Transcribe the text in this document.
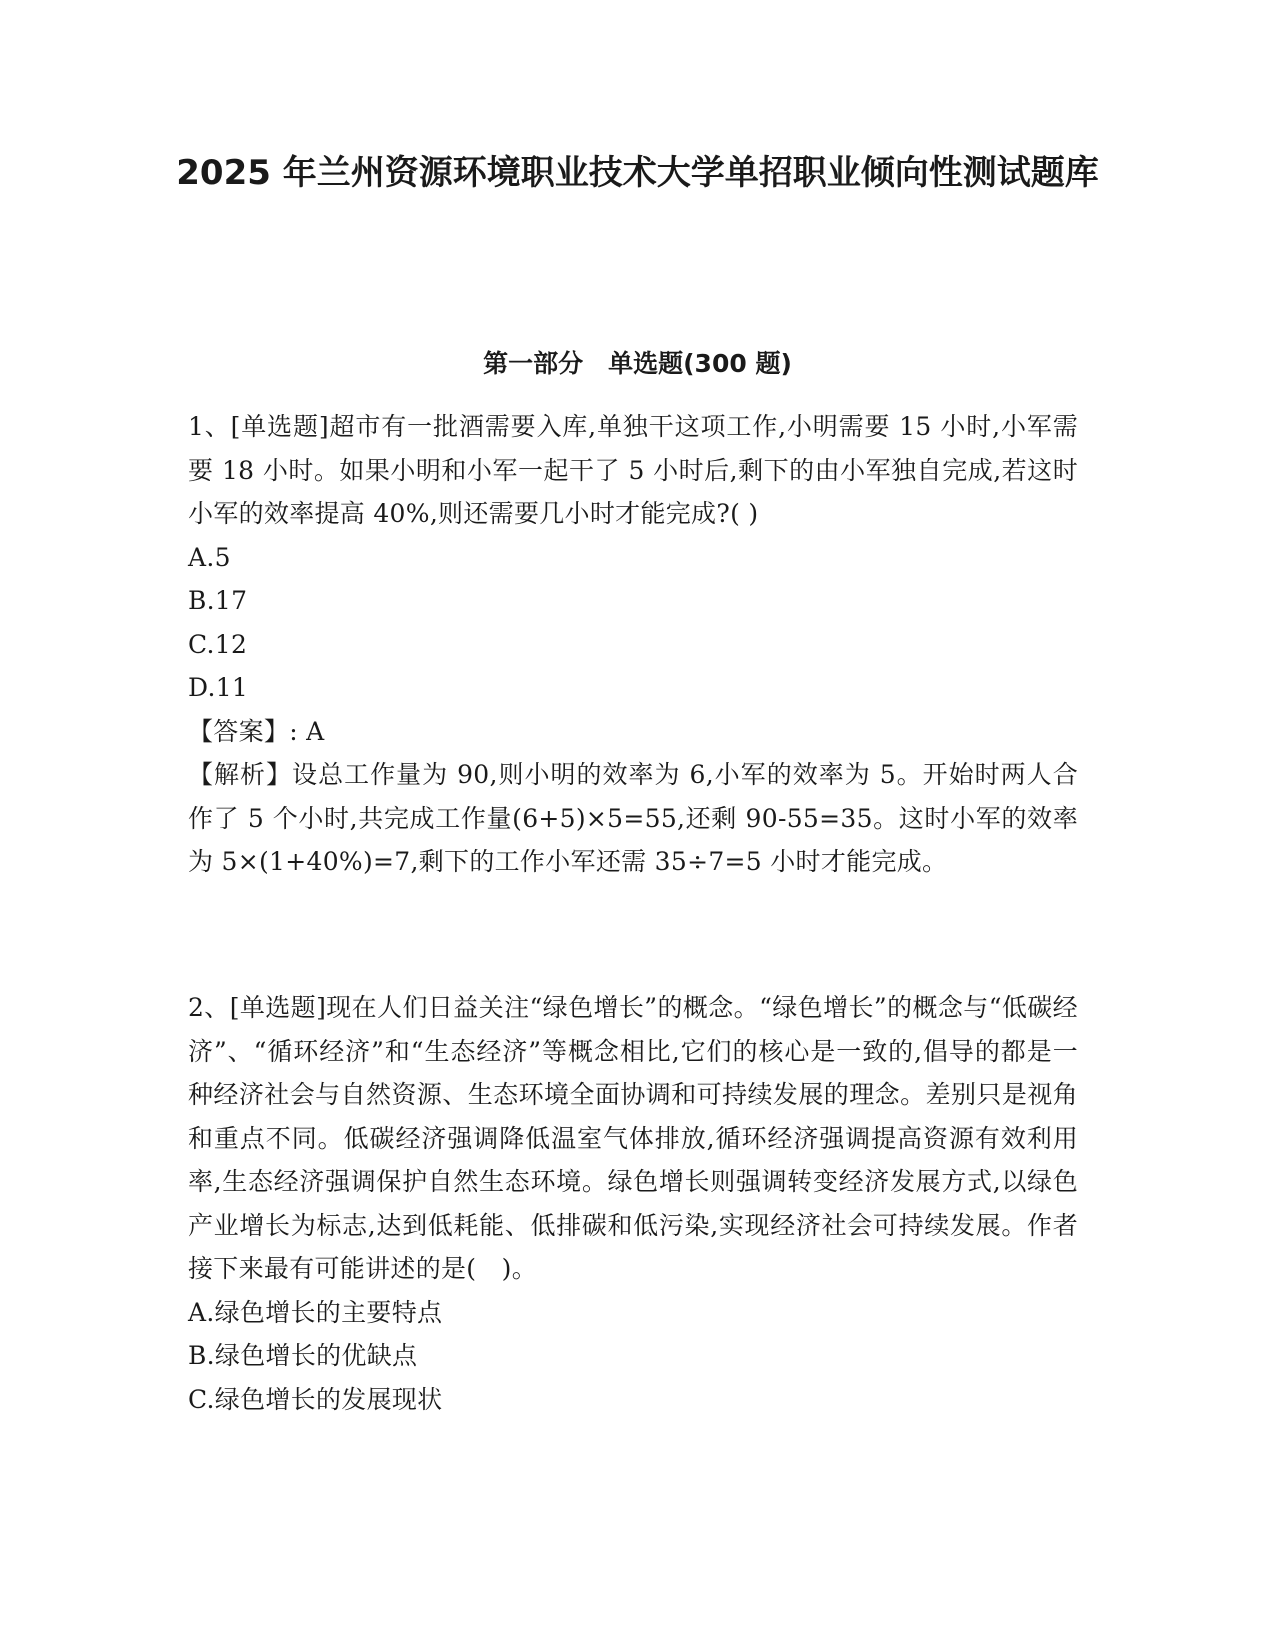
2025 年兰州资源环境职业技术大学单招职业倾向性测试题库
第一部分　单选题(300 题)

1、[单选题]超市有一批酒需要入库,单独干这项工作,小明需要 15 小时,小军需要 18 小时。如果小明和小军一起干了 5 小时后,剩下的由小军独自完成,若这时小军的效率提高 40%,则还需要几小时才能完成?( )

A.5

B.17

C.12

D.11

【答案】: A

【解析】设总工作量为 90,则小明的效率为 6,小军的效率为 5。开始时两人合作了 5 个小时,共完成工作量(6+5)×5=55,还剩 90-55=35。这时小军的效率为 5×(1+40%)=7,剩下的工作小军还需 35÷7=5 小时才能完成。

2、[单选题]现在人们日益关注“绿色增长”的概念。“绿色增长”的概念与“低碳经济”、“循环经济”和“生态经济”等概念相比,它们的核心是一致的,倡导的都是一种经济社会与自然资源、生态环境全面协调和可持续发展的理念。差别只是视角和重点不同。低碳经济强调降低温室气体排放,循环经济强调提高资源有效利用率,生态经济强调保护自然生态环境。绿色增长则强调转变经济发展方式,以绿色产业增长为标志,达到低耗能、低排碳和低污染,实现经济社会可持续发展。作者接下来最有可能讲述的是(　)。

A.绿色增长的主要特点

B.绿色增长的优缺点

C.绿色增长的发展现状
